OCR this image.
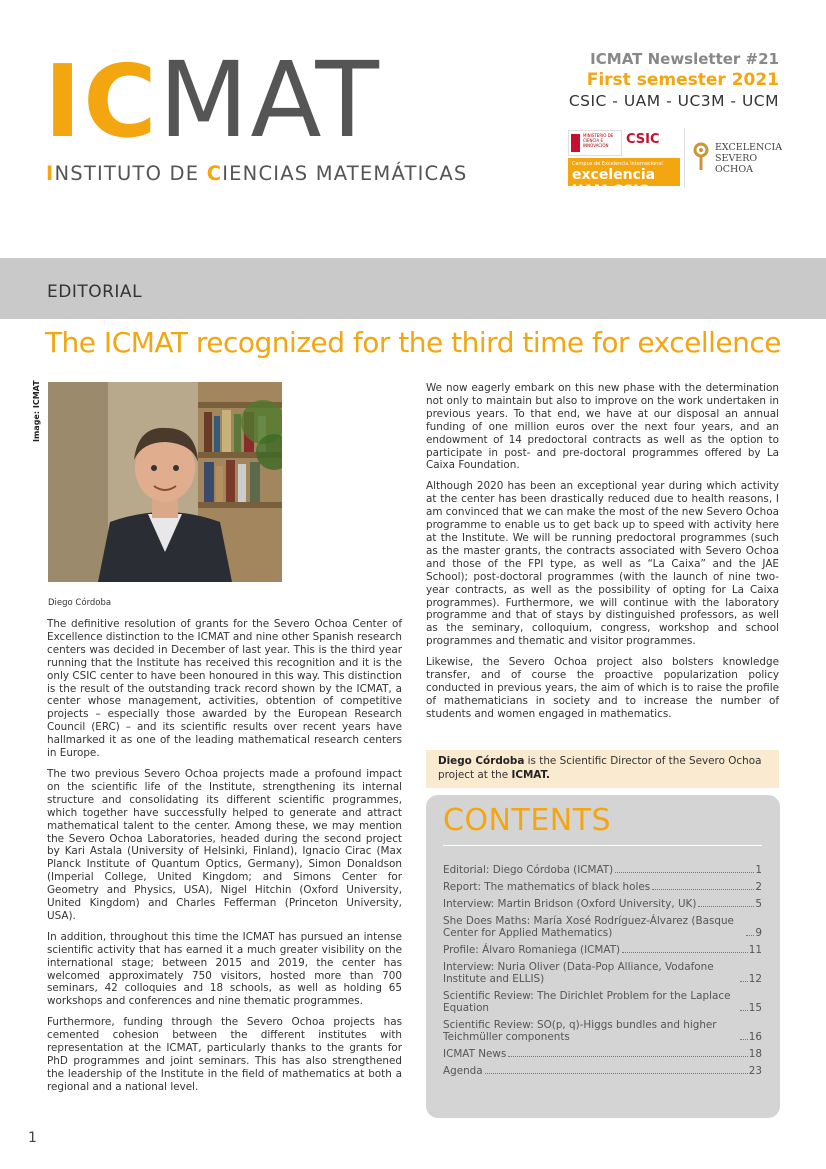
ICMAT
INSTITUTO DE CIENCIAS MATEMÁTICAS
ICMAT Newsletter #21
First semester 2021
CSIC - UAM - UC3M - UCM
MINISTERIO DE CIENCIA E INNOVACIÓN	CSIC
Campus de Excelencia Internacional
excelencia UAM CSIC
EXCELENCIA
SEVERO
OCHOA
EDITORIAL
The ICMAT recognized for the third time for excellence
Image: ICMAT
Diego Córdoba

The definitive resolution of grants for the Severo Ochoa Center of Excellence distinction to the ICMAT and nine other Spanish research centers was decided in December of last year. This is the third year running that the Institute has received this recognition and it is the only CSIC center to have been honoured in this way. This distinction is the result of the outstanding track record shown by the ICMAT, a center whose management, activities, obtention of competitive projects – especially those awarded by the European Research Council (ERC) – and its scientific results over recent years have hallmarked it as one of the leading mathematical research centers in Europe.

The two previous Severo Ochoa projects made a profound impact on the scientific life of the Institute, strengthening its internal structure and consolidating its different scientific programmes, which together have successfully helped to generate and attract mathematical talent to the center. Among these, we may mention the Severo Ochoa Laboratories, headed during the second project by Kari Astala (University of Helsinki, Finland), Ignacio Cirac (Max Planck Institute of Quantum Optics, Germany), Simon Donaldson (Imperial College, United Kingdom; and Simons Center for Geometry and Physics, USA), Nigel Hitchin (Oxford University, United Kingdom) and Charles Fefferman (Princeton University, USA).

In addition, throughout this time the ICMAT has pursued an intense scientific activity that has earned it a much greater visibility on the international stage; between 2015 and 2019, the center has welcomed approximately 750 visitors, hosted more than 700 seminars, 42 colloquies and 18 schools, as well as holding 65 workshops and conferences and nine thematic programmes.

Furthermore, funding through the Severo Ochoa projects has cemented cohesion between the different institutes with representation at the ICMAT, particularly thanks to the grants for PhD programmes and joint seminars. This has also strengthened the leadership of the Institute in the field of mathematics at both a regional and a national level.

We now eagerly embark on this new phase with the determination not only to maintain but also to improve on the work undertaken in previous years. To that end, we have at our disposal an annual funding of one million euros over the next four years, and an endowment of 14 predoctoral contracts as well as the option to participate in post- and pre-doctoral programmes offered by La Caixa Foundation.

Although 2020 has been an exceptional year during which activity at the center has been drastically reduced due to health reasons, I am convinced that we can make the most of the new Severo Ochoa programme to enable us to get back up to speed with activity here at the Institute. We will be running predoctoral programmes (such as the master grants, the contracts associated with Severo Ochoa and those of the FPI type, as well as “La Caixa” and the JAE School); post-doctoral programmes (with the launch of nine two-year contracts, as well as the possibility of opting for La Caixa programmes). Furthermore, we will continue with the laboratory programme and that of stays by distinguished professors, as well as the seminary, colloquium, congress, workshop and school programmes and thematic and visitor programmes.

Likewise, the Severo Ochoa project also bolsters knowledge transfer, and of course the proactive popularization policy conducted in previous years, the aim of which is to raise the profile of mathematicians in society and to increase the number of students and women engaged in mathematics.

Diego Córdoba is the Scientific Director of the Severo Ochoa project at the ICMAT.
CONTENTS
Editorial: Diego Córdoba (ICMAT)	1
Report: The mathematics of black holes	2
Interview: Martin Bridson (Oxford University, UK)	5
She Does Maths: María Xosé Rodríguez-Álvarez (Basque Center for Applied Mathematics)	9
Profile: Álvaro Romaniega (ICMAT)	11
Interview: Nuria Oliver (Data-Pop Alliance, Vodafone Institute and ELLIS)	12
Scientific Review: The Dirichlet Problem for the Laplace Equation	15
Scientific Review: SO(p, q)-Higgs bundles and higher Teichmüller components	16
ICMAT News	18
Agenda	23
1
